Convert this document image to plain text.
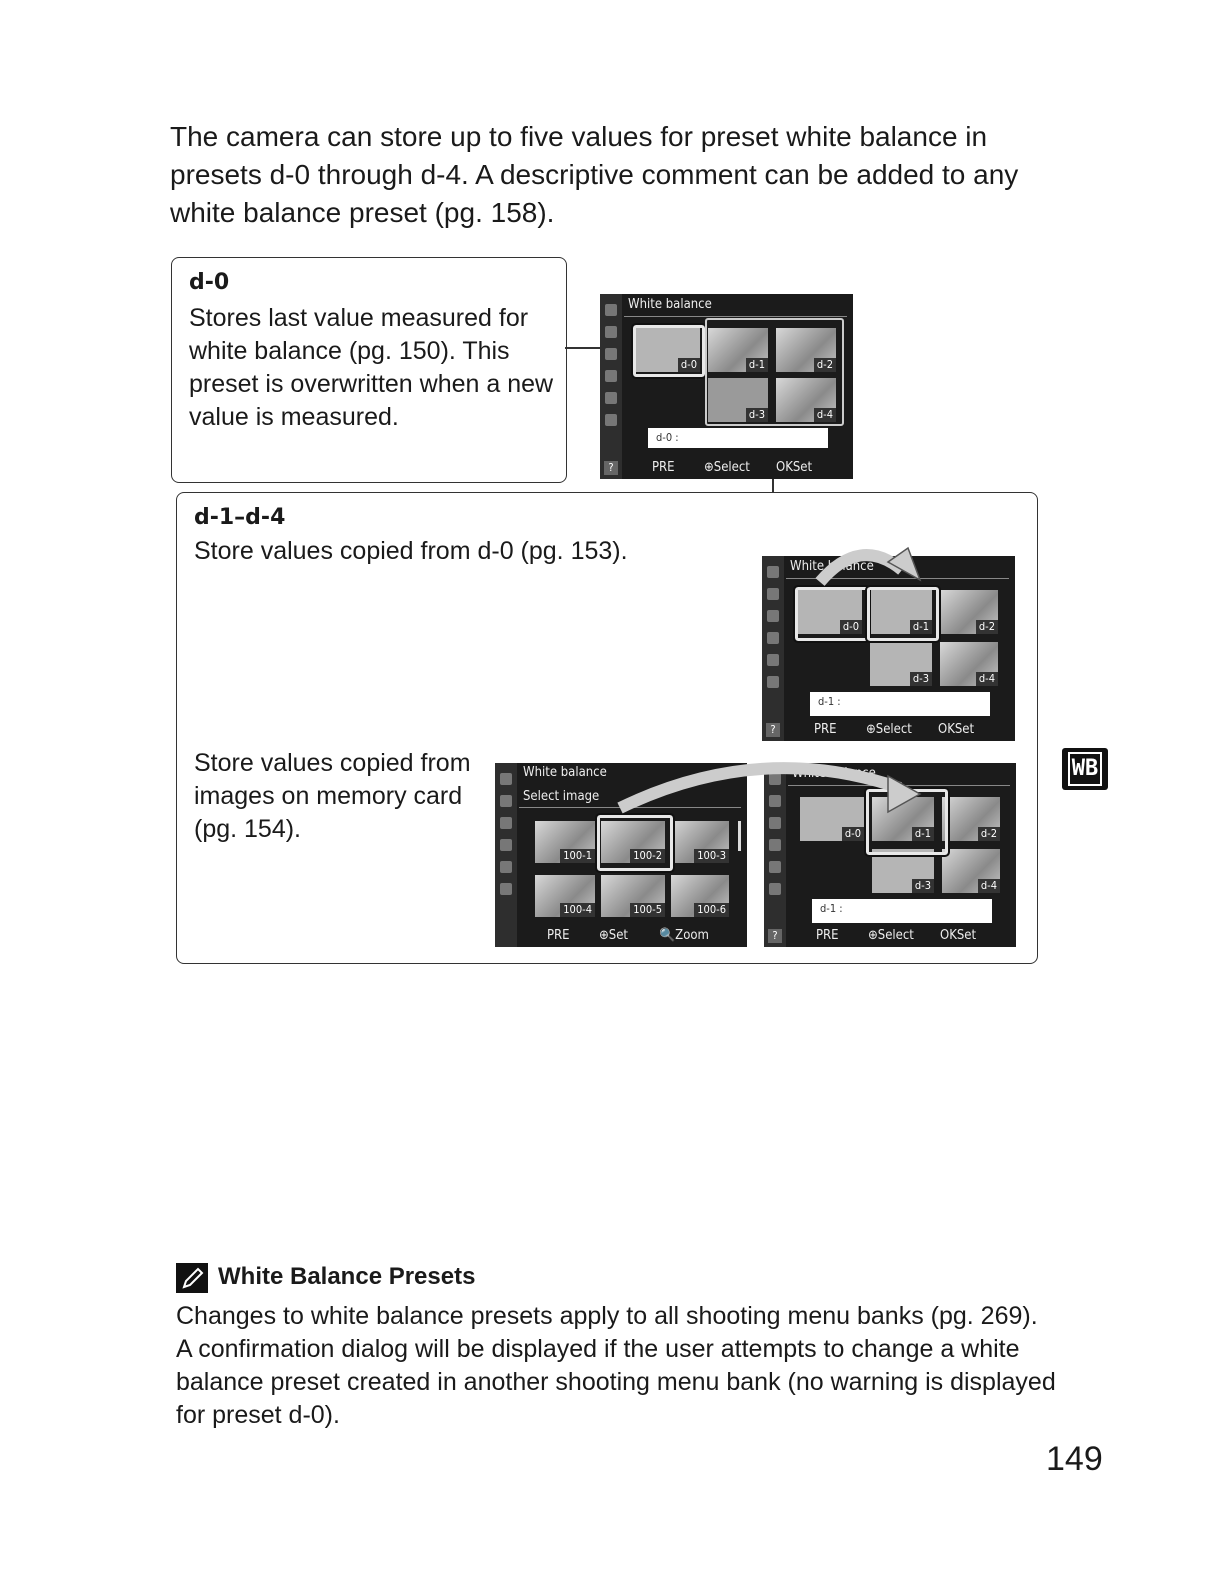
The camera can store up to five values for preset white balance in presets d-0 through d-4. A descriptive comment can be added to any white balance preset (pg. 158).
d-0
Stores last value measured for white balance (pg. 150). This preset is overwritten when a new value is measured.
White balance
d-0	d-1	d-2
d-3	d-4
d-0 :
?	PRE ⊕Select OKSet
d-1–d-4
Store values copied from d-0 (pg. 153).
Store values copied from images on memory card (pg. 154).
White balance
d-0	d-1	d-2
d-3	d-4
d-1 :
?	PRE ⊕Select OKSet
White balance
Select image
100-1	100-2	100-3
100-4	100-5	100-6
PRE ⊕Set 🔍Zoom
White balance
d-0	d-1	d-2
d-3	d-4
d-1 :
?	PRE ⊕Select OKSet
WB
White Balance Presets
Changes to white balance presets apply to all shooting menu banks (pg. 269). A confirmation dialog will be displayed if the user attempts to change a white balance preset created in another shooting menu bank (no warning is displayed for preset d-0).
149
